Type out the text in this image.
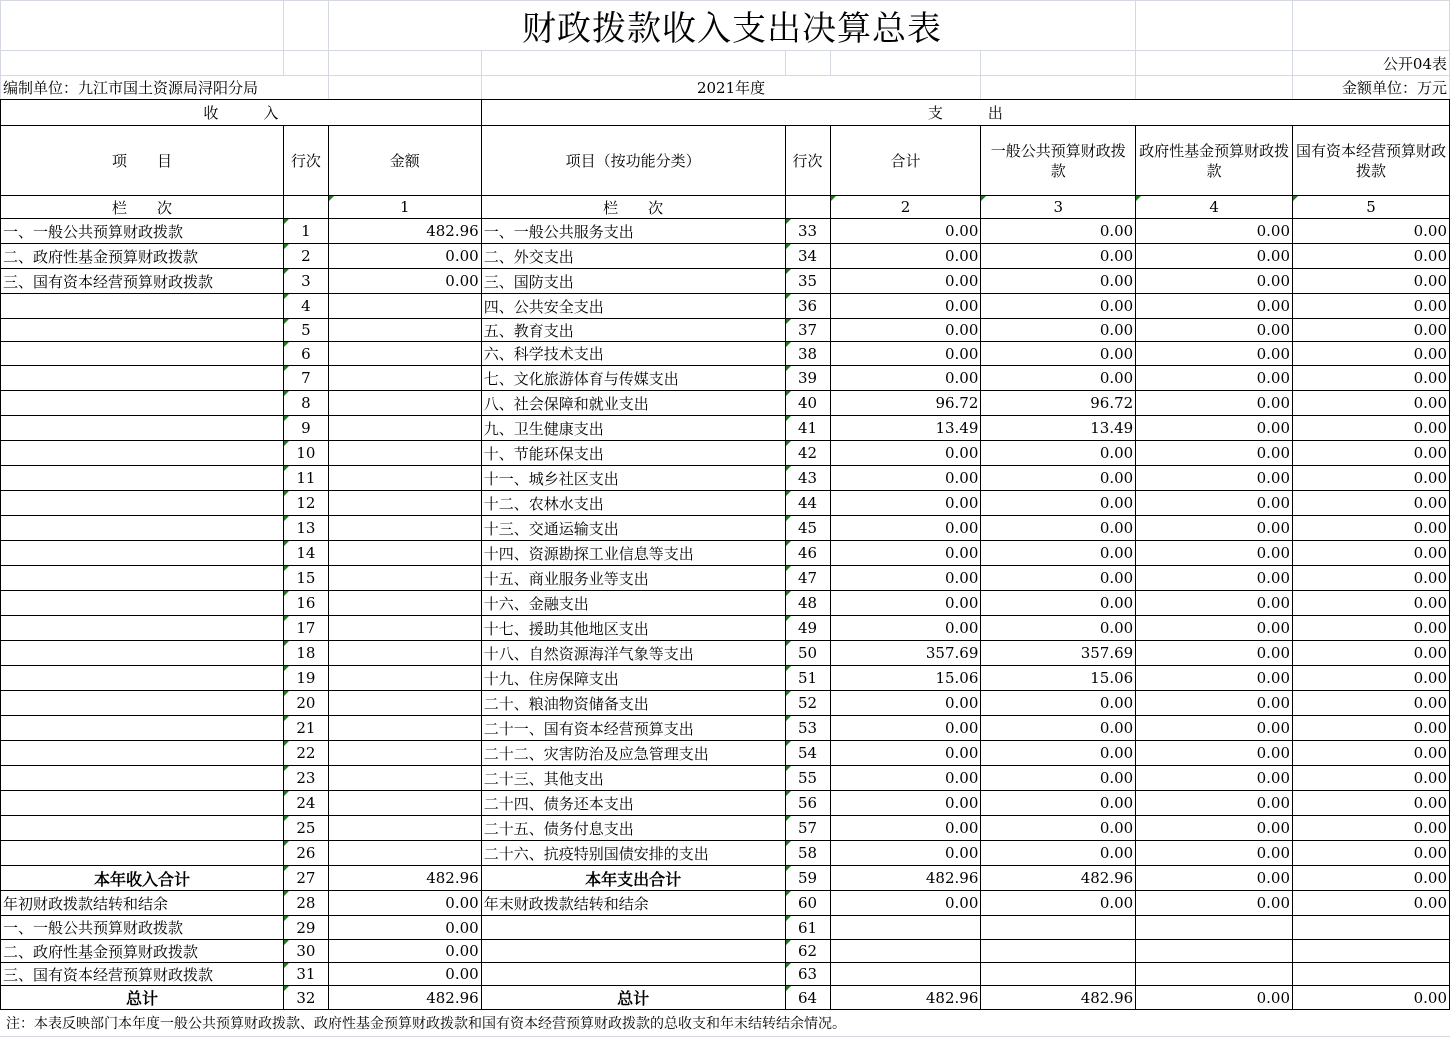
		财政拨款收入支出决算总表						
								公开04表
编制单位：九江市国土资源局浔阳分局			2021年度					金额单位：万元
收　　　入			支　　　出					
项　　目	行次	金额	项目（按功能分类）	行次	合计	一般公共预算财政拨款	政府性基金预算财政拨款	国有资本经营预算财政拨款
栏　　次		1	栏　　次		2	3	4	5
一、一般公共预算财政拨款	1	482.96	一、一般公共服务支出	33	0.00	0.00	0.00	0.00
二、政府性基金预算财政拨款	2	0.00	二、外交支出	34	0.00	0.00	0.00	0.00
三、国有资本经营预算财政拨款	3	0.00	三、国防支出	35	0.00	0.00	0.00	0.00
	4		四、公共安全支出	36	0.00	0.00	0.00	0.00
	5		五、教育支出	37	0.00	0.00	0.00	0.00
	6		六、科学技术支出	38	0.00	0.00	0.00	0.00
	7		七、文化旅游体育与传媒支出	39	0.00	0.00	0.00	0.00
	8		八、社会保障和就业支出	40	96.72	96.72	0.00	0.00
	9		九、卫生健康支出	41	13.49	13.49	0.00	0.00
	10		十、节能环保支出	42	0.00	0.00	0.00	0.00
	11		十一、城乡社区支出	43	0.00	0.00	0.00	0.00
	12		十二、农林水支出	44	0.00	0.00	0.00	0.00
	13		十三、交通运输支出	45	0.00	0.00	0.00	0.00
	14		十四、资源勘探工业信息等支出	46	0.00	0.00	0.00	0.00
	15		十五、商业服务业等支出	47	0.00	0.00	0.00	0.00
	16		十六、金融支出	48	0.00	0.00	0.00	0.00
	17		十七、援助其他地区支出	49	0.00	0.00	0.00	0.00
	18		十八、自然资源海洋气象等支出	50	357.69	357.69	0.00	0.00
	19		十九、住房保障支出	51	15.06	15.06	0.00	0.00
	20		二十、粮油物资储备支出	52	0.00	0.00	0.00	0.00
	21		二十一、国有资本经营预算支出	53	0.00	0.00	0.00	0.00
	22		二十二、灾害防治及应急管理支出	54	0.00	0.00	0.00	0.00
	23		二十三、其他支出	55	0.00	0.00	0.00	0.00
	24		二十四、债务还本支出	56	0.00	0.00	0.00	0.00
	25		二十五、债务付息支出	57	0.00	0.00	0.00	0.00
	26		二十六、抗疫特别国债安排的支出	58	0.00	0.00	0.00	0.00
本年收入合计	27	482.96	本年支出合计	59	482.96	482.96	0.00	0.00
年初财政拨款结转和结余	28	0.00	年末财政拨款结转和结余	60	0.00	0.00	0.00	0.00
一、一般公共预算财政拨款	29	0.00		61				
二、政府性基金预算财政拨款	30	0.00		62				
三、国有资本经营预算财政拨款	31	0.00		63				
总计	32	482.96	总计	64	482.96	482.96	0.00	0.00
注：本表反映部门本年度一般公共预算财政拨款、政府性基金预算财政拨款和国有资本经营预算财政拨款的总收支和年末结转结余情况。
